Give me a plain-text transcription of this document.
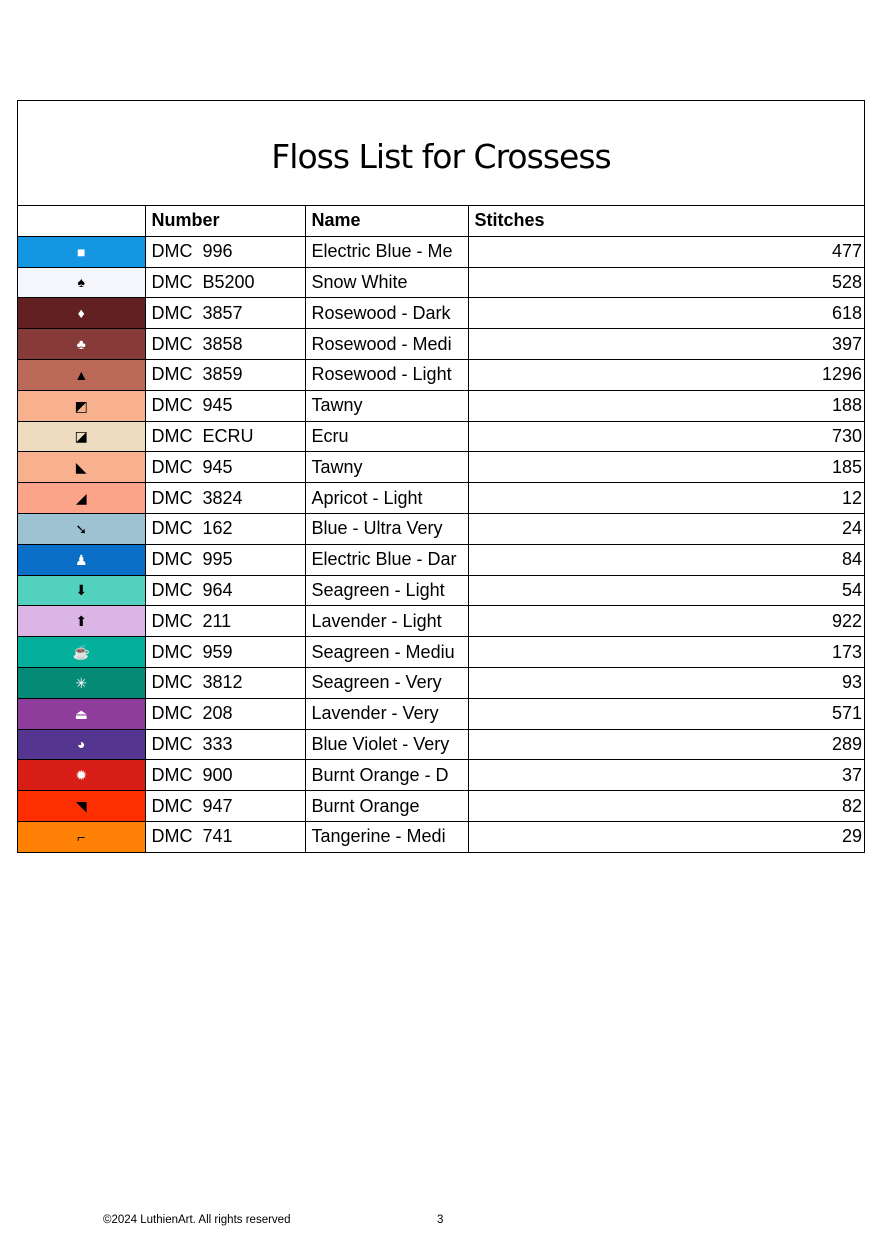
Floss List for Crossess
	Number	Name	Stitches
■	DMC  996	Electric Blue - Me	477
♠	DMC  B5200	Snow White	528
♦	DMC  3857	Rosewood - Dark	618
♣	DMC  3858	Rosewood - Medi	397
▲	DMC  3859	Rosewood - Light	1296
◩	DMC  945	Tawny	188
◪	DMC  ECRU	Ecru	730
◣	DMC  945	Tawny	185
◢	DMC  3824	Apricot - Light	12
➘	DMC  162	Blue - Ultra Very	24
♟	DMC  995	Electric Blue - Dar	84
⬇	DMC  964	Seagreen - Light	54
⬆	DMC  211	Lavender - Light	922
☕	DMC  959	Seagreen - Mediu	173
✳	DMC  3812	Seagreen - Very	93
⏏	DMC  208	Lavender - Very	571
◕	DMC  333	Blue Violet - Very	289
✹	DMC  900	Burnt Orange - D	37
◥	DMC  947	Burnt Orange	82
⌐	DMC  741	Tangerine - Medi	29
©2024 LuthienArt. All rights reserved	3
